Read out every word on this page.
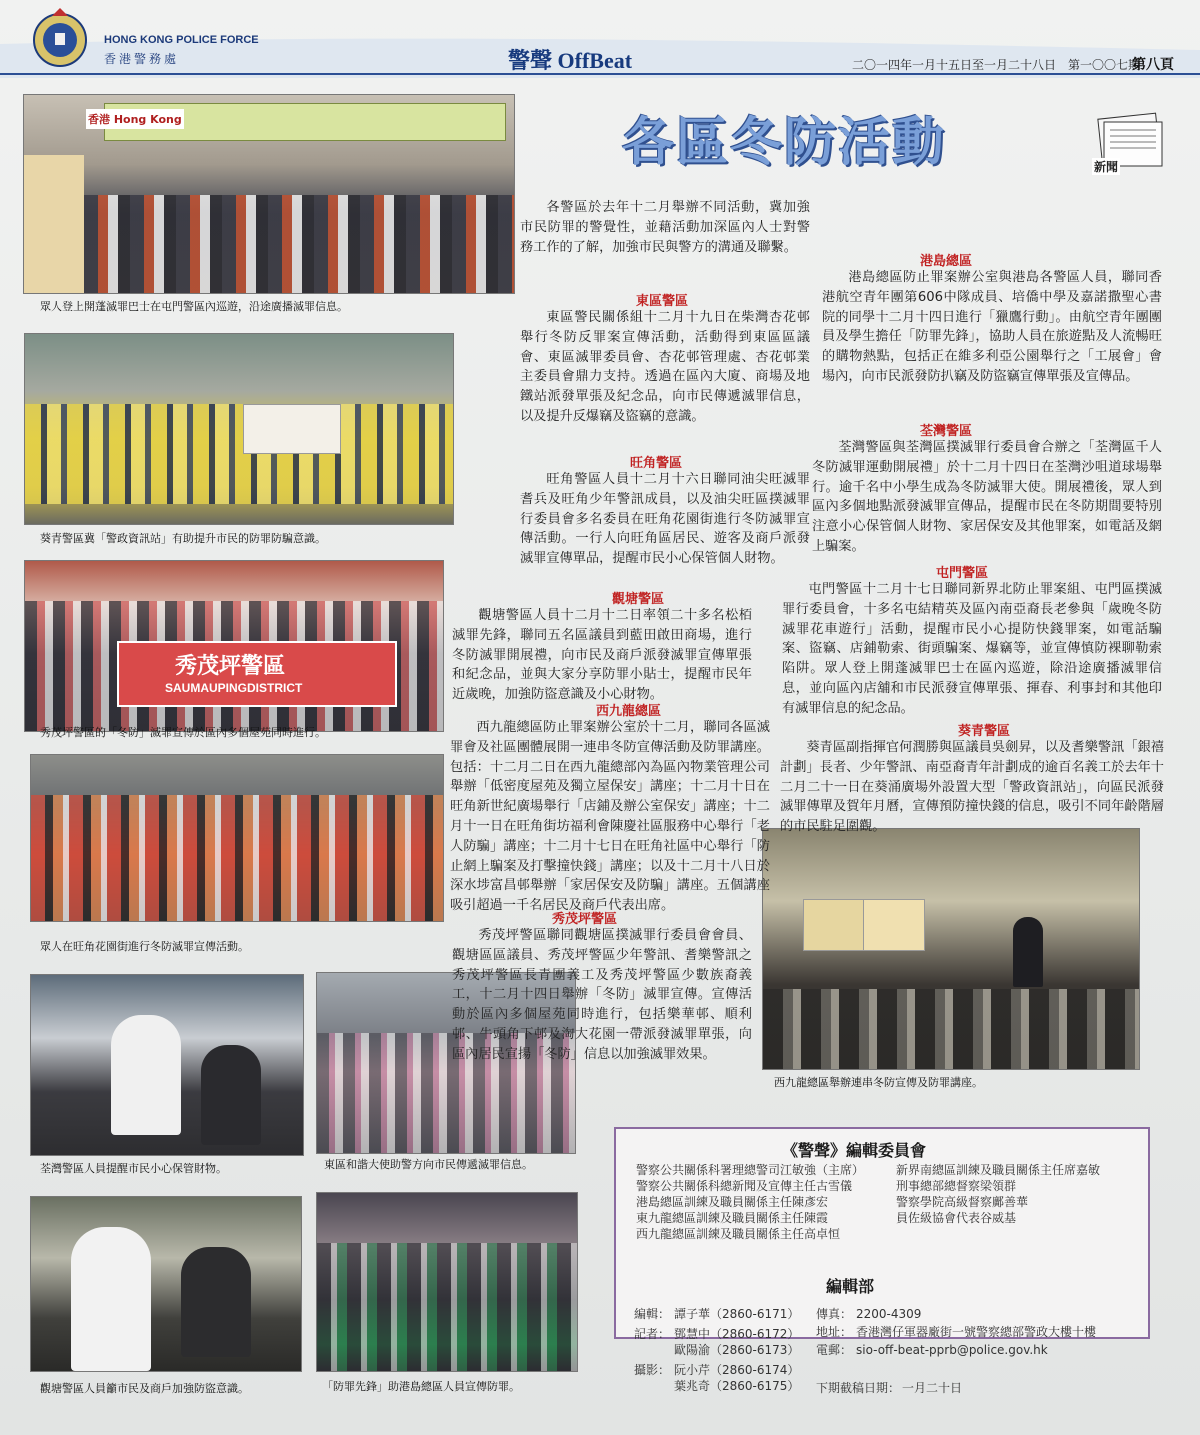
HONG KONG POLICE FORCE
香港警務處	警聲 OffBeat	二〇一四年一月十五日至一月二十八日　第一〇〇七期
第八頁
各區冬防活動	新聞
香港 Hong Kong
眾人登上開蓬滅罪巴士在屯門警區內巡遊，沿途廣播滅罪信息。
葵青警區冀「警政資訊站」有助提升市民的防罪防騙意識。
秀茂坪警區
SAUMAUPINGDISTRICT
秀茂坪警區的「冬防」滅罪宣傳於區內多個屋苑同時進行。
眾人在旺角花園街進行冬防滅罪宣傳活動。
荃灣警區人員提醒市民小心保管財物。	東區和諧大使助警方向市民傳遞滅罪信息。
觀塘警區人員籲市民及商戶加強防盜意識。	「防罪先鋒」助港島總區人員宣傳防罪。
西九龍總區舉辦連串冬防宣傳及防罪講座。
各警區於去年十二月舉辦不同活動，冀加強市民防罪的警覺性，並藉活動加深區內人士對警務工作的了解，加強市民與警方的溝通及聯繫。
東區警區
東區警民關係組十二月十九日在柴灣杏花邨舉行冬防反罪案宣傳活動，活動得到東區區議會、東區滅罪委員會、杏花邨管理處、杏花邨業主委員會鼎力支持。透過在區內大廈、商場及地鐵站派發單張及紀念品，向市民傳遞滅罪信息，以及提升反爆竊及盜竊的意識。
旺角警區
旺角警區人員十二月十六日聯同油尖旺滅罪耆兵及旺角少年警訊成員，以及油尖旺區撲滅罪行委員會多名委員在旺角花園街進行冬防滅罪宣傳活動。一行人向旺角區居民、遊客及商戶派發滅罪宣傳單品，提醒市民小心保管個人財物。
觀塘警區
觀塘警區人員十二月十二日率領二十多名松栢滅罪先鋒，聯同五名區議員到藍田啟田商場，進行冬防滅罪開展禮，向市民及商戶派發滅罪宣傳單張和紀念品，並與大家分享防罪小貼士，提醒市民年近歲晚，加強防盜意識及小心財物。
西九龍總區
西九龍總區防止罪案辦公室於十二月，聯同各區滅罪會及社區團體展開一連串冬防宣傳活動及防罪講座。包括：十二月二日在西九龍總部內為區內物業管理公司舉辦「低密度屋苑及獨立屋保安」講座；十二月十日在旺角新世紀廣場舉行「店鋪及辦公室保安」講座；十二月十一日在旺角街坊福利會陳慶社區服務中心舉行「老人防騙」講座；十二月十七日在旺角社區中心舉行「防止網上騙案及打擊撞快錢」講座；以及十二月十八日於深水埗富昌邨舉辦「家居保安及防騙」講座。五個講座吸引超過一千名居民及商戶代表出席。
秀茂坪警區
秀茂坪警區聯同觀塘區撲滅罪行委員會會員、觀塘區區議員、秀茂坪警區少年警訊、耆樂警訊之秀茂坪警區長青團義工及秀茂坪警區少數族裔義工，十二月十四日舉辦「冬防」滅罪宣傳。宣傳活動於區內多個屋苑同時進行，包括樂華邨、順利邨、牛頭角下邨及淘大花園一帶派發滅罪單張，向區內居民宣揚「冬防」信息以加強滅罪效果。
港島總區
港島總區防止罪案辦公室與港島各警區人員，聯同香港航空青年團第606中隊成員、培僑中學及嘉諾撒聖心書院的同學十二月十四日進行「獵鷹行動」。由航空青年團團員及學生擔任「防罪先鋒」，協助人員在旅遊點及人流暢旺的購物熱點，包括正在維多利亞公園舉行之「工展會」會場內，向市民派發防扒竊及防盜竊宣傳單張及宣傳品。
荃灣警區
荃灣警區與荃灣區撲滅罪行委員會合辦之「荃灣區千人冬防滅罪運動開展禮」於十二月十四日在荃灣沙咀道球場舉行。逾千名中小學生成為冬防滅罪大使。開展禮後，眾人到區內多個地點派發滅罪宣傳品，提醒市民在冬防期間要特別注意小心保管個人財物、家居保安及其他罪案，如電話及網上騙案。
屯門警區
屯門警區十二月十七日聯同新界北防止罪案組、屯門區撲滅罪行委員會，十多名屯結精英及區內南亞裔長老參與「歲晚冬防滅罪花車遊行」活動，提醒市民小心提防快錢罪案，如電話騙案、盜竊、店鋪勒索、街頭騙案、爆竊等，並宣傳慎防裸聊勒索陷阱。眾人登上開蓬滅罪巴士在區內巡遊，除沿途廣播滅罪信息，並向區內店舖和市民派發宣傳單張、揮春、利事封和其他印有滅罪信息的紀念品。
葵青警區
葵青區副指揮官何潤勝與區議員吳劍昇，以及耆樂警訊「銀禧計劃」長者、少年警訊、南亞裔青年計劃成的逾百名義工於去年十二月二十一日在葵涌廣場外設置大型「警政資訊站」，向區民派發滅罪傳單及賀年月曆，宣傳預防撞快錢的信息，吸引不同年齡階層的市民駐足圍觀。
《警聲》編輯委員會
警察公共關係科署理總警司江敏強（主席）
警察公共關係科總新聞及宣傳主任古雪儀
港島總區訓練及職員關係主任陳彥宏
東九龍總區訓練及職員關係主任陳霞
西九龍總區訓練及職員關係主任高卓恒
新界南總區訓練及職員關係主任席嘉敏
刑事總部總督察梁領群
警察學院高級督察鄺善華
員佐級協會代表谷威基
編輯部
編輯： 譚子華（2860-6171）
記者： 鄧慧中（2860-6172）
歐陽渝（2860-6173）
攝影： 阮小芹（2860-6174）
葉兆奇（2860-6175）
傳真： 2200-4309
地址： 香港灣仔軍器廠街一號警察總部警政大樓十樓
電郵： sio-off-beat-pprb@police.gov.hk
下期截稿日期： 一月二十日
